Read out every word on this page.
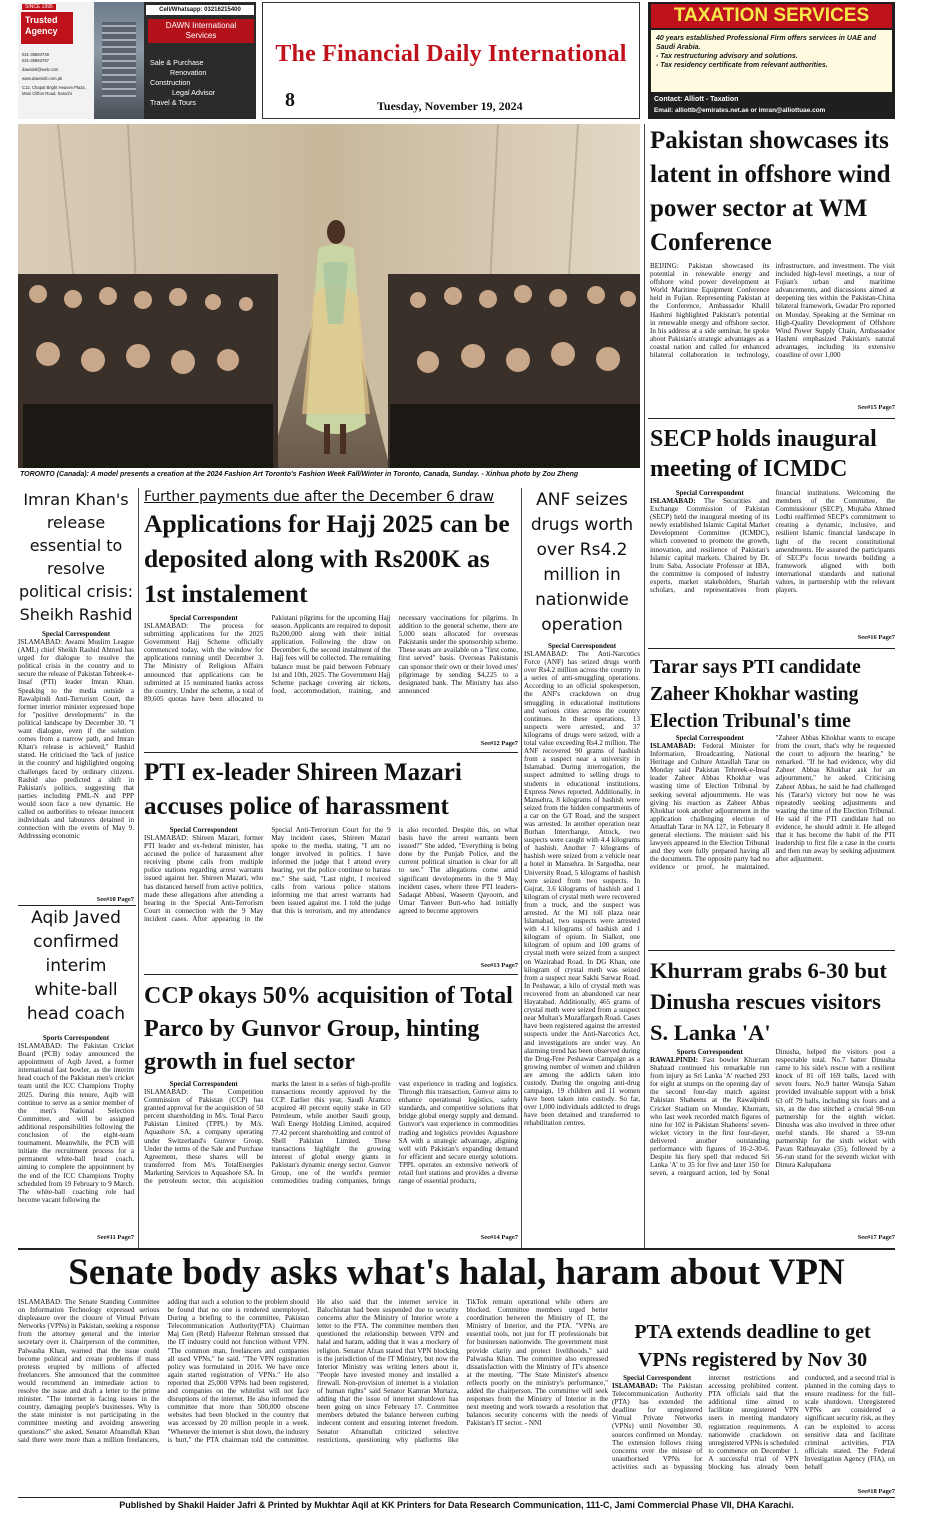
SINCE 1995
Trusted
Agency
021-35864748
021-35863767
dawnintl@web.com
www.dawnintl.com.pk
C12, Chapal Bright Heaven Plaza, Main Clifton Road, Karachi
Cell/Whatsapp: 03216215400
DAWN International Services
Sale & Purchase
Renovation
Construction
Legal Advisor
Travel & Tours
The Financial Daily International
8	Tuesday, November 19, 2024
TAXATION SERVICES
40 years established Professional Firm offers services in UAE and Saudi Arabia.
- Tax restructuring advisory and solutions.
- Tax residency certificate from relevant authorities.
Contact: Alliott - Taxation
Email: alliottb@emirates.net.ae or imran@alliottuae.com
TORONTO (Canada): A model presents a creation at the 2024 Fashion Art Toronto's Fashion Week Fall/Winter in Toronto, Canada, Sunday. - Xinhua photo by Zou Zheng
Pakistan showcases its latent in offshore wind power sector at WM Conference
BEIJING: Pakistan showcased its potential in renewable energy and offshore wind power development at World Maritime Equipment Conference held in Fujian. Representing Pakistan at the Conference, Ambassador Khalil Hashmi highlighted Pakistan's potential in renewable energy and offshore sector. In his address at a side seminar, he spoke about Pakistan's strategic advantages as a coastal nation and called for enhanced bilateral collaboration in technology, infrastructure, and investment. The visit included high-level meetings, a tour of Fujian's urban and maritime advancements, and discussions aimed at deepening ties within the Pakistan-China bilateral framework, Gwadar Pro reported on Monday. Speaking at the Seminar on High-Quality Development of Offshore Wind Power Supply Chain, Ambassador Hashmi emphasized Pakistan's natural advantages, including its extensive coastline of over 1,000
See#15 Page7
SECP holds inaugural meeting of ICMDC
Special Correspondent
ISLAMABAD: The Securities and Exchange Commission of Pakistan (SECP) held the inaugural meeting of its newly established Islamic Capital Market Development Committee (ICMDC), which convened to promote the growth, innovation, and resilience of Pakistan's Islamic capital markets. Chaired by Dr. Irum Saba, Associate Professor at IBA, the committee is composed of industry experts, market stakeholders, Shariah scholars, and representatives from financial institutions. Welcoming the members of the Committee, the Commissioner (SECP), Mujtaba Ahmed Lodhi reaffirmed SECP's commitment to creating a dynamic, inclusive, and resilient Islamic financial landscape in light of the recent constitutional amendments. He assured the participants of SECP's focus towards building a framework aligned with both international standards and national values, in partnership with the relevant players.
See#16 Page7
Tarar says PTI candidate Zaheer Khokhar wasting Election Tribunal's time
Special Correspondent
ISLAMABAD: Federal Minister for Information, Broadcasting, National Heritage and Culture Attaullah Tarar on Monday said Pakistan Tehreek-e-Insaf leader Zaheer Abbas Khokhar was wasting time of Election Tribunal by seeking several adjournments. He was giving his reaction as Zaheer Abbas Khokhar took another adjournment in the application challenging election of Attaullah Tarar in NA 127, in February 8 general elections. The minister said his lawyers appeared in the Election Tribunal and they were fully prepared having all the documents. The opposite party had no evidence or proof, he maintained. "Zaheer Abbas Khokhar wants to escape from the court, that's why he requested the court to adjourn the hearing," he remarked. "If he had evidence, why did Zaheer Abbas Khokhar ask for an adjournment," he asked. Criticising Zaheer Abbas, he said he had challenged his (Tarar's) victory but now he was repeatedly seeking adjustments and wasting the time of the Election Tribunal. He said if the PTI candidate had no evidence, he should admit it. He alleged that it has become the habit of the PTI leadership to first file a case in the courts and then run away by seeking adjustment after adjustment.
Khurram grabs 6-30 but Dinusha rescues visitors S. Lanka 'A'
Sports Correspondent
RAWALPINDI: Fast bowler Khurram Shahzad continued his remarkable run from injury as Sri Lanka 'A' reached 293 for eight at stumps on the opening day of the second four-day match against Pakistan Shaheens at the Rawalpindi Cricket Stadium on Monday. Khurram, who last week recorded match figures of nine for 102 in Pakistan Shaheens' seven-wicket victory in the first four-dayer, delivered another outstanding performance with figures of 10-2-30-6. Despite his fiery spell that reduced Sri Lanka 'A' to 35 for five and later 150 for seven, a rearguard action, led by Sonal Dinusha, helped the visitors post a respectable total. No.7 batter Dinusha came to his side's rescue with a resilient knock of 81 off 169 balls, laced with seven fours. No.9 batter Wanuja Sahan provided invaluable support with a brisk 63 off 79 balls, including six fours and a six, as the duo stitched a crucial 98-run partnership for the eighth wicket. Dinusha was also involved in three other useful stands. He shared a 59-run partnership for the sixth wicket with Pavan Rathnayake (35), followed by a 56-run stand for the seventh wicket with Dinura Kalupahana
See#17 Page7
Imran Khan's release essential to resolve political crisis: Sheikh Rashid
Special Correspondent
ISLAMABAD: Awami Muslim League (AML) chief Sheikh Rashid Ahmed has urged for dialogue to resolve the political crisis in the country and to secure the release of Pakistan Tehreek-e-Insaf (PTI) leader Imran Khan. Speaking to the media outside a Rawalpindi Anti-Terrorism Court, the former interior minister expressed hope for "positive developments" in the political landscape by December 30. "I want dialogue, even if the solution comes from a narrow path, and Imran Khan's release is achieved," Rashid stated. He criticised the 'lack of justice in the country' and highlighted ongoing challenges faced by ordinary citizens. Rashid also predicted a shift in Pakistan's politics, suggesting that parties including PML-N and PPP would soon face a new dynamic. He called on authorities to release innocent individuals and labourers detained in connection with the events of May 9. Addressing economic
See#10 Page7
Aqib Javed confirmed interim white-ball head coach
Sports Correspondent
ISLAMABAD: The Pakistan Cricket Board (PCB) today announced the appointment of Aqib Javed, a former international fast bowler, as the interim head coach of the Pakistan men's cricket team until the ICC Champions Trophy 2025. During this tenure, Aqib will continue to serve as a senior member of the men's National Selection Committee, and will be assigned additional responsibilities following the conclusion of the eight-team tournament. Meanwhile, the PCB will initiate the recruitment process for a permanent white-ball head coach, aiming to complete the appointment by the end of the ICC Champions Trophy scheduled from 19 February to 9 March. The white-ball coaching role had become vacant following the
See#11 Page7
Further payments due after the December 6 draw
Applications for Hajj 2025 can be deposited along with Rs200K as 1st instalement
Special Correspondent
ISLAMABAD: The process for submitting applications for the 2025 Government Hajj Scheme officially commenced today, with the window for applications running until December 3. The Ministry of Religious Affairs announced that applications can be submitted at 15 nominated banks across the country. Under the scheme, a total of 89,605 quotas have been allocated to Pakistani pilgrims for the upcoming Hajj season. Applicants are required to deposit Rs200,000 along with their initial application. Following the draw on December 6, the second instalment of the Hajj fees will be collected. The remaining balance must be paid between February 1st and 10th, 2025. The Government Hajj Scheme package covering air tickets, food, accommodation, training, and necessary vaccinations for pilgrims. In addition to the general scheme, there are 5,000 seats allocated for overseas Pakistanis under the sponsorship scheme. These seats are available on a "first come, first served" basis. Overseas Pakistanis can sponsor their own or their loved ones' pilgrimage by sending $4,225 to a designated bank. The Ministry has also announced
See#12 Page7
PTI ex-leader Shireen Mazari accuses police of harassment
Special Correspondent
ISLAMABAD: Shireen Mazari, former PTI leader and ex-federal minister, has accused the police of harassment after receiving phone calls from multiple police stations regarding arrest warrants issued against her. Shireen Mazari, who has distanced herself from active politics, made these allegations after attending a hearing in the Special Anti-Terrorism Court in connection with the 9 May incident cases. After appearing in the Special Anti-Terrorism Court for the 9 May incident cases, Shireen Mazari spoke to the media, stating, "I am no longer involved in politics. I have informed the judge that I attend every hearing, yet the police continue to harass me." She said, "Last night, I received calls from various police stations informing me that arrest warrants had been issued against me. I told the judge that this is terrorism, and my attendance is also recorded. Despite this, on what basis have the arrest warrants been issued?" She added, "Everything is being done by the Punjab Police, and the current political situation is clear for all to see." The allegations come amid significant developments in the 9 May incident cases, where three PTI leaders-Sadaqat Abbasi, Waseem Qayoom, and Umar Tanveer Butt-who had initially agreed to become approvers
See#13 Page7
CCP okays 50% acquisition of Total Parco by Gunvor Group, hinting growth in fuel sector
Special Correspondent
ISLAMABAD: The Competition Commission of Pakistan (CCP) has granted approval for the acquisition of 50 percent shareholding in M/s. Total Parco Pakistan Limited (TPPL) by M/s. Aquashore SA, a company operating under Switzerland's Gunvor Group. Under the terms of the Sale and Purchase Agreement, these shares will be transferred from M/s. TotalEnergies Marketing Services to Aquashore SA. In the petroleum sector, this acquisition marks the latest in a series of high-profile transactions recently approved by the CCP. Earlier this year, Saudi Aramco acquired 40 percent equity stake in GO Petroleum, while another Saudi group, Wafi Energy Holding Limited, acquired 77.42 percent shareholding and control of Shell Pakistan Limited. These transactions highlight the growing interest of global energy giants in Pakistan's dynamic energy sector. Gunvor Group, one of the world's premier commodities trading companies, brings vast experience in trading and logistics. Through this transaction, Gunvor aims to enhance operational logistics, safety standards, and competitive solutions that bridge global energy supply and demand. Gunvor's vast experience in commodities trading and logistics provides Aquashore SA with a strategic advantage, aligning well with Pakistan's expanding demand for efficient and secure energy solutions. TPPL operates an extensive network of retail fuel stations and provides a diverse range of essential products,
See#14 Page7
ANF seizes drugs worth over Rs4.2 million in nationwide operation
Special Correspondent
ISLAMABAD: The Anti-Narcotics Force (ANF) has seized drugs worth over Rs4.2 million across the country in a series of anti-smuggling operations. According to an official spokesperson, the ANF's crackdown on drug smuggling in educational institutions and various cities across the country continues. In these operations, 13 suspects were arrested, and 37 kilograms of drugs were seized, with a total value exceeding Rs4.2 million. The ANF recovered 90 grams of hashish from a suspect near a university in Islamabad. During interrogation, the suspect admitted to selling drugs to students in educational institutions, Express News reported. Additionally, in Mansehra, 8 kilograms of hashish were seized from the hidden compartments of a car on the GT Road, and the suspect was arrested. In another operation near Burhan Interchange, Attock, two suspects were caught with 4.4 kilograms of hashish. Another 7 kilograms of hashish were seized from a vehicle near a hotel in Mansehra. In Sargodha, near University Road, 5 kilograms of hashish were seized from two suspects. In Gujrat, 3.6 kilograms of hashish and 1 kilogram of crystal meth were recovered from a truck, and the suspect was arrested. At the M1 toll plaza near Islamabad, two suspects were arrested with 4.1 kilograms of hashish and 1 kilogram of opium. In Sialkot, one kilogram of opium and 100 grams of crystal meth were seized from a suspect on Wazirabad Road. In DG Khan, one kilogram of crystal meth was seized from a suspect near Sakhi Sarwar Road. In Peshawar, a kilo of crystal meth was recovered from an abandoned car near Hayatabad. Additionally, 465 grams of crystal meth were seized from a suspect near Multan's Muzaffargarh Road. Cases have been registered against the arrested suspects under the Anti-Narcotics Act, and investigations are under way. An alarming trend has been observed during the Drug-Free Peshawar Campaign as a growing number of women and children are among the addicts taken into custody. During the ongoing anti-drug campaign, 19 children and 11 women have been taken into custody. So far, over 1,000 individuals addicted to drugs have been detained and transferred to rehabilitation centres.
Senate body asks what's halal, haram about VPN
ISLAMABAD: The Senate Standing Committee on Information Technology expressed serious displeasure over the closure of Virtual Private Networks (VPNs) in Pakistan, seeking a response from the attorney general and the interior secretary over it. Chairperson of the committee, Palwasha Khan, warned that the issue could become political and create problems if mass protests erupted by millions of affected freelancers. She announced that the committee would recommend an immediate action to resolve the issue and draft a letter to the prime minister. "The internet is facing issues in the country, damaging people's businesses. Why is the state minister is not participating in the committee meeting and avoiding answering questions?" she asked. Senator Afnanullah Khan said there were more than a million freelancers, adding that such a solution to the problem should be found that no one is rendered unemployed. During a briefing to the committee, Pakistan Telecommunication Authority(PTA) Chairman Maj Gen (Retd) Hafeezur Rehman stressed that the IT industry could not function without VPN. "The common man, freelancers and companies all used VPNs," he said. "The VPN registration policy was formulated in 2016. We have once again started registration of VPNs." He also reported that 25,000 VPNs had been registered, and companies on the whitelist will not face disruptions of the internet. He also informed the committee that more than 500,000 obscene websites had been blocked in the country that was accessed by 20 million people in a week. "Whenever the internet is shut down, the industry is hurt," the PTA chairman told the committee. He also said that the internet service in Balochistan had been suspended due to security concerns after the Ministry of Interior wrote a letter to the PTA. The committee members then questioned the relationship between VPN and halal and haram, adding that it was a mockery of religion. Senator Afzan stated that VPN blocking is the jurisdiction of the IT Ministry, but now the Interior Ministry was writing letters about it. "People have invested money and installed a firewall. Non-provision of internet is a violation of human rights" said Senator Kamran Murtaza, adding that the issue of internet shutdown has been going on since February 17. Committee members debated the balance between curbing indecent content and ensuring internet freedom. Senator Afnanullah criticized selective restrictions, questioning why platforms like TikTok remain operational while others are blocked. Committee members urged better coordination between the Ministry of IT, the Ministry of Interior, and the PTA. "VPNs are essential tools, not just for IT professionals but for businesses nationwide. The government must provide clarity and protect livelihoods," said Palwasha Khan. The committee also expressed dissatisfaction with the Ministry of IT's absence at the meeting. "The State Minister's absence reflects poorly on the ministry's performance," added the chairperson. The committee will seek responses from the Ministry of Interior in the next meeting and work towards a resolution that balances security concerns with the needs of Pakistan's IT sector. - NNI
PTA extends deadline to get VPNs registered by Nov 30
Special Correspondent
ISLAMABAD: The Pakistan Telecommunication Authority (PTA) has extended the deadline for unregistered Virtual Private Networks (VPNs) until November 30, sources confirmed on Monday. The extension follows rising concerns over the misuse of unauthorised VPNs for activities such as bypassing internet restrictions and accessing prohibited content. PTA officials said that the additional time aimed to facilitate unregistered VPN users in meeting mandatory registration requirements. A nationwide crackdown on unregistered VPNs is scheduled to commence on December 1. A successful trial of VPN blocking has already been conducted, and a second trial is planned in the coming days to ensure readiness for the full-scale shutdown. Unregistered VPNs are considered a significant security risk, as they can be exploited to access sensitive data and facilitate criminal activities, PTA officials stated. The Federal Investigation Agency (FIA), on behalf
See#18 Page7
Published by Shakil Haider Jafri & Printed by Mukhtar Aqil at KK Printers for Data Research Communication, 111-C, Jami Commercial Phase VII, DHA Karachi.
